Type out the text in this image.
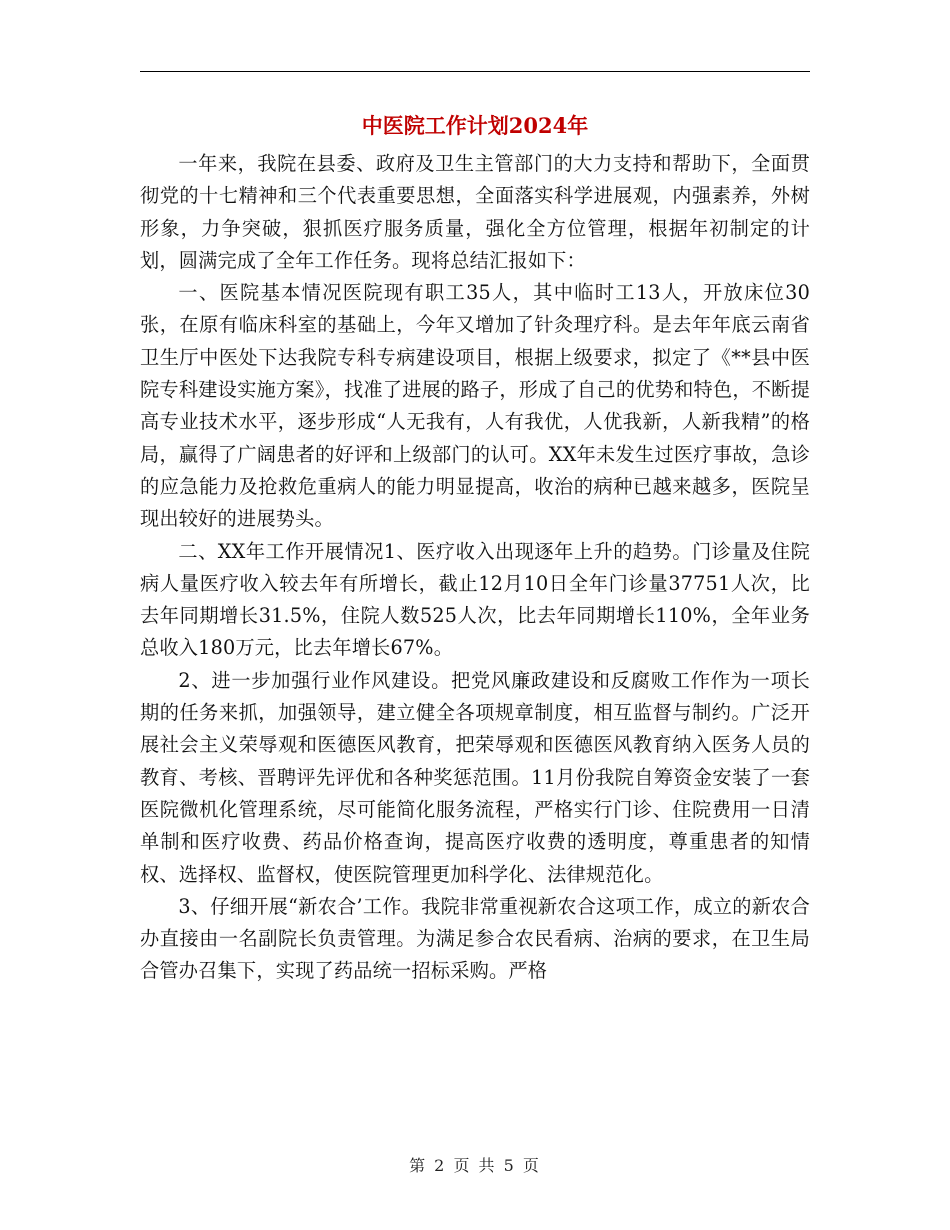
中医院工作计划2024年

一年来，我院在县委、政府及卫生主管部门的大力支持和帮助下，全面贯彻党的十七精神和三个代表重要思想，全面落实科学进展观，内强素养，外树形象，力争突破，狠抓医疗服务质量，强化全方位管理，根据年初制定的计划，圆满完成了全年工作任务。现将总结汇报如下：

一、医院基本情况医院现有职工35人，其中临时工13人，开放床位30张，在原有临床科室的基础上，今年又增加了针灸理疗科。是去年年底云南省卫生厅中医处下达我院专科专病建设项目，根据上级要求，拟定了《**县中医院专科建设实施方案》，找准了进展的路子，形成了自己的优势和特色，不断提高专业技术水平，逐步形成“人无我有，人有我优，人优我新，人新我精”的格局，赢得了广阔患者的好评和上级部门的认可。XX年未发生过医疗事故，急诊的应急能力及抢救危重病人的能力明显提高，收治的病种已越来越多，医院呈现出较好的进展势头。

二、XX年工作开展情况1、医疗收入出现逐年上升的趋势。门诊量及住院病人量医疗收入较去年有所增长，截止12月10日全年门诊量37751人次，比去年同期增长31.5%，住院人数525人次，比去年同期增长110%，全年业务总收入180万元，比去年增长67%。

2、进一步加强行业作风建设。把党风廉政建设和反腐败工作作为一项长期的任务来抓，加强领导，建立健全各项规章制度，相互监督与制约。广泛开展社会主义荣辱观和医德医风教育，把荣辱观和医德医风教育纳入医务人员的教育、考核、晋聘评先评优和各种奖惩范围。11月份我院自筹资金安装了一套医院微机化管理系统，尽可能简化服务流程，严格实行门诊、住院费用一日清单制和医疗收费、药品价格查询，提高医疗收费的透明度，尊重患者的知情权、选择权、监督权，使医院管理更加科学化、法律规范化。

3、仔细开展“新农合’工作。我院非常重视新农合这项工作，成立的新农合办直接由一名副院长负责管理。为满足参合农民看病、治病的要求，在卫生局合管办召集下，实现了药品统一招标采购。严格

第 2 页 共 5 页
